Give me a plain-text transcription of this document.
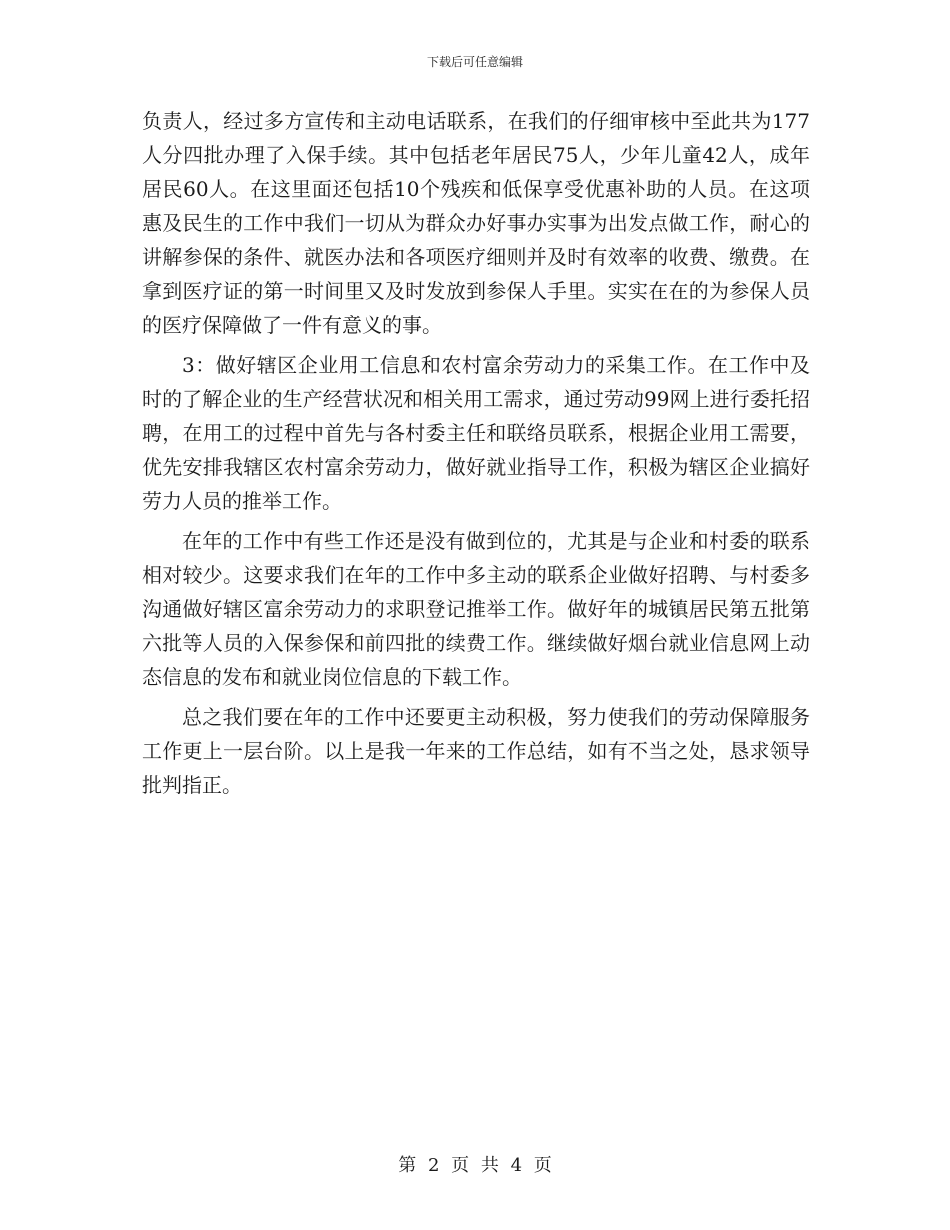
下载后可任意编辑

负责人，经过多方宣传和主动电话联系，在我们的仔细审核中至此共为177人分四批办理了入保手续。其中包括老年居民75人，少年儿童42人，成年居民60人。在这里面还包括10个残疾和低保享受优惠补助的人员。在这项惠及民生的工作中我们一切从为群众办好事办实事为出发点做工作，耐心的讲解参保的条件、就医办法和各项医疗细则并及时有效率的收费、缴费。在拿到医疗证的第一时间里又及时发放到参保人手里。实实在在的为参保人员的医疗保障做了一件有意义的事。

3：做好辖区企业用工信息和农村富余劳动力的采集工作。在工作中及时的了解企业的生产经营状况和相关用工需求，通过劳动99网上进行委托招聘，在用工的过程中首先与各村委主任和联络员联系，根据企业用工需要，优先安排我辖区农村富余劳动力，做好就业指导工作，积极为辖区企业搞好劳力人员的推举工作。

在年的工作中有些工作还是没有做到位的，尤其是与企业和村委的联系相对较少。这要求我们在年的工作中多主动的联系企业做好招聘、与村委多沟通做好辖区富余劳动力的求职登记推举工作。做好年的城镇居民第五批第六批等人员的入保参保和前四批的续费工作。继续做好烟台就业信息网上动态信息的发布和就业岗位信息的下载工作。

总之我们要在年的工作中还要更主动积极，努力使我们的劳动保障服务工作更上一层台阶。以上是我一年来的工作总结，如有不当之处，恳求领导批判指正。

第 2 页 共 4 页
